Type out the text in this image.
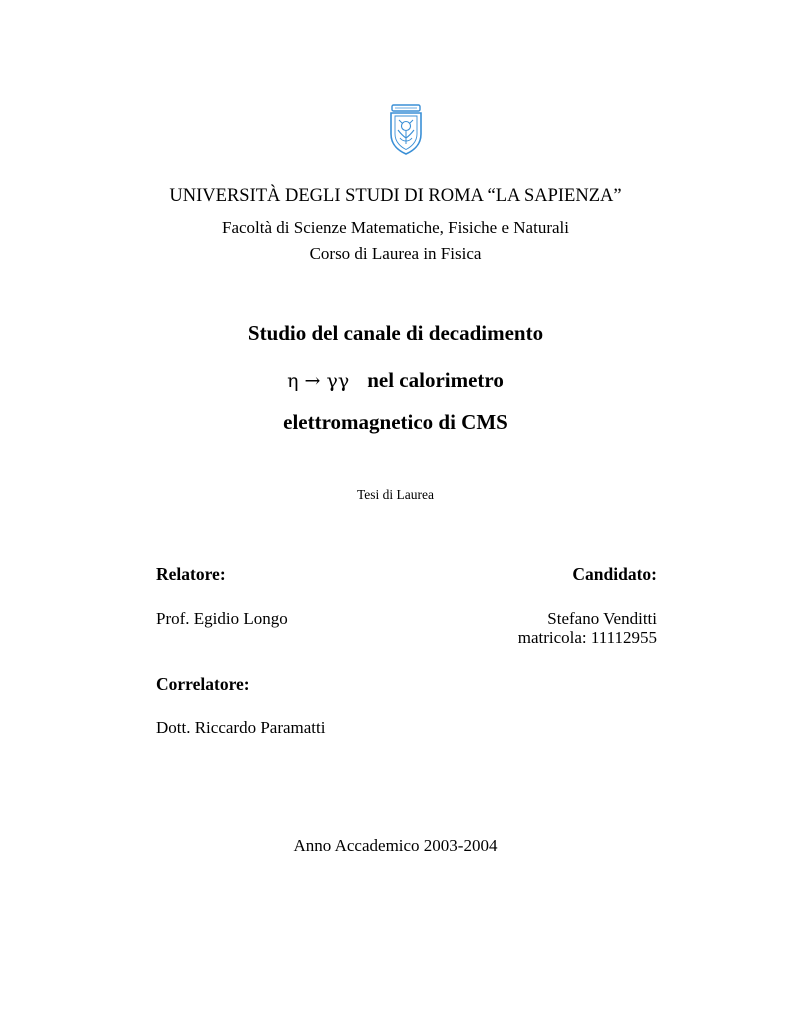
UNIVERSITÀ DEGLI STUDI DI ROMA “LA SAPIENZA”
Facoltà di Scienze Matematiche, Fisiche e Naturali
Corso di Laurea in Fisica
Studio del canale di decadimento
η → γγ nel calorimetro
elettromagnetico di CMS
Tesi di Laurea
Relatore:	Candidato:
Prof. Egidio Longo	Stefano Venditti
matricola: 11112955
Correlatore:
Dott. Riccardo Paramatti
Anno Accademico 2003-2004
